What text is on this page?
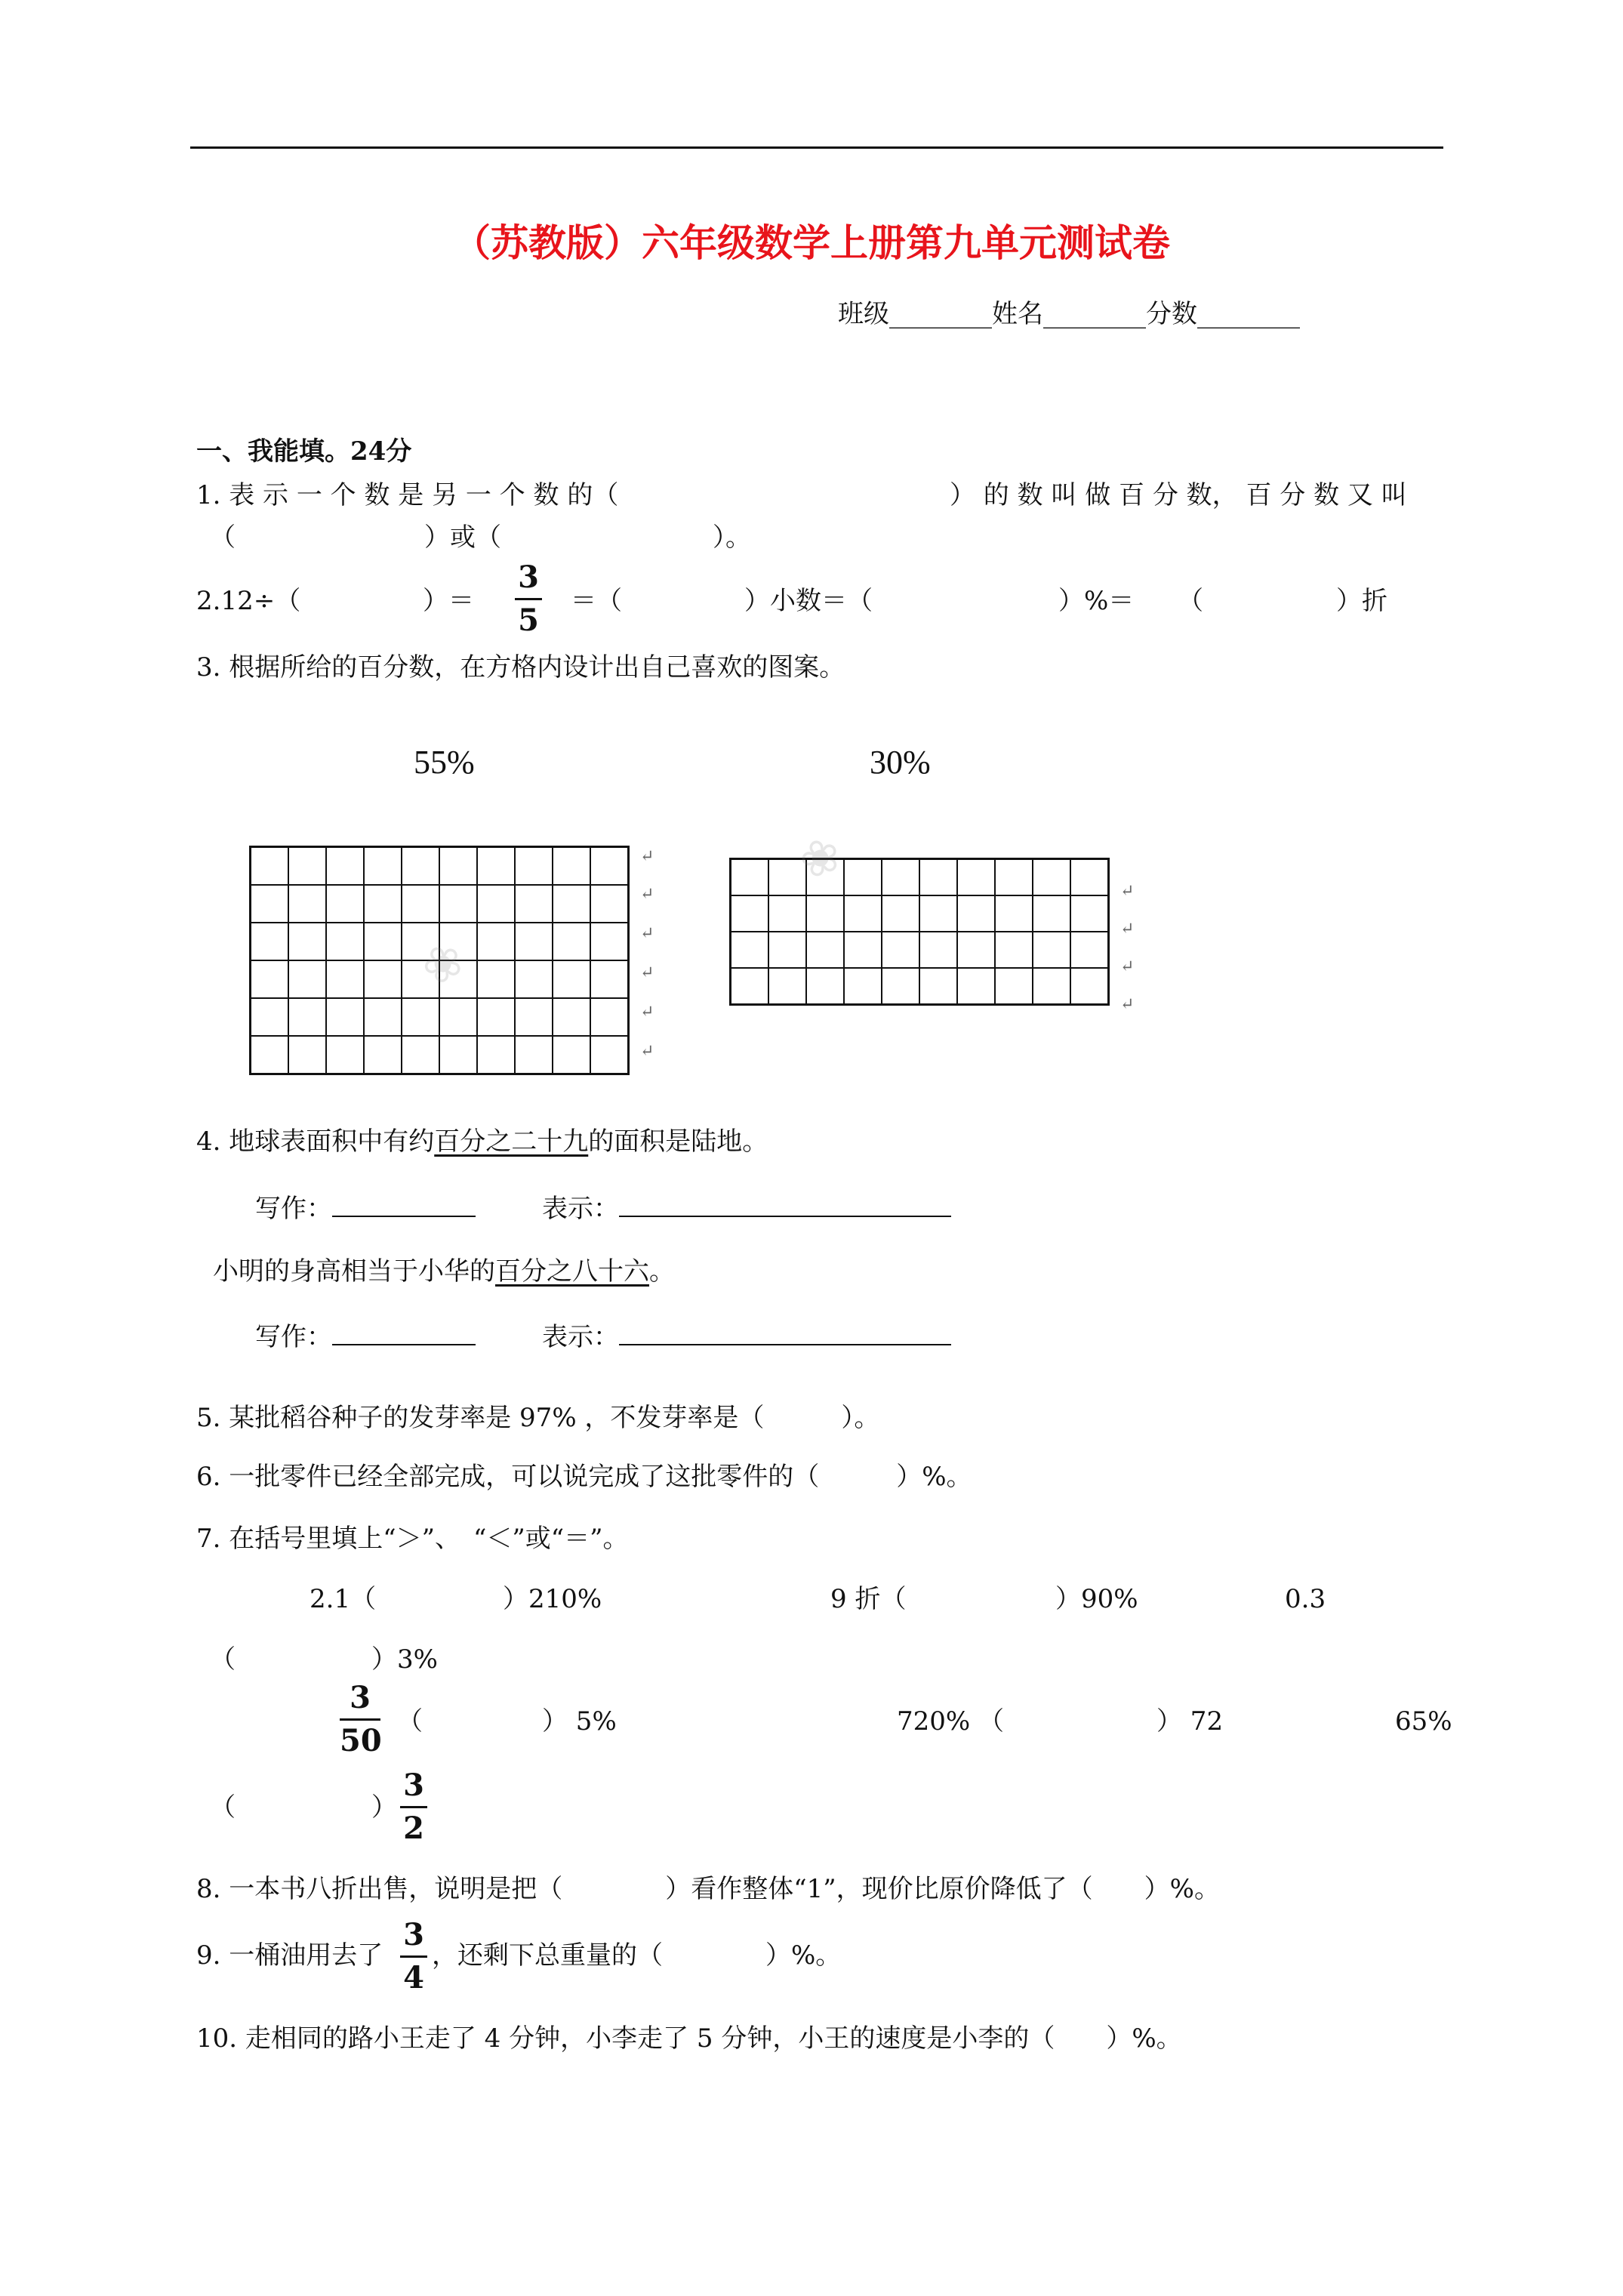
（苏教版）六年级数学上册第九单元测试卷
班级________姓名________分数________
一、我能填。24分
1. 表 示 一 个 数 是 另 一 个 数 的（	） 的 数 叫 做 百 分 数， 百 分 数 又 叫
（	）或（	）。
2.12÷（	）＝
3
5
＝（	）小数＝（	）%＝ （	）折
3. 根据所给的百分数，在方格内设计出自己喜欢的图案。
55%	30%

❀
❀
↵
↵
↵
↵
↵
↵
↵
↵
↵
↵
4. 地球表面积中有约百分之二十九的面积是陆地。
写作：	表示：
小明的身高相当于小华的百分之八十六。
写作：	表示：
5. 某批稻谷种子的发芽率是 97% ，不发芽率是（　　　）。
6. 一批零件已经全部完成，可以说完成了这批零件的（　　　）%。
7. 在括号里填上“＞”、　“＜”或“＝”。
2.1（	）210%	9 折（	）90%	0.3
（	）3%
3
50
（	） 5%	720% （	） 72	65%
（	）
3
2
8. 一本书八折出售，说明是把（　　　　）看作整体“1”，现价比原价降低了（　　）%。
9. 一桶油用去了
3
4
，还剩下总重量的（　　　　）%。
10. 走相同的路小王走了 4 分钟，小李走了 5 分钟，小王的速度是小李的（　　）%。
